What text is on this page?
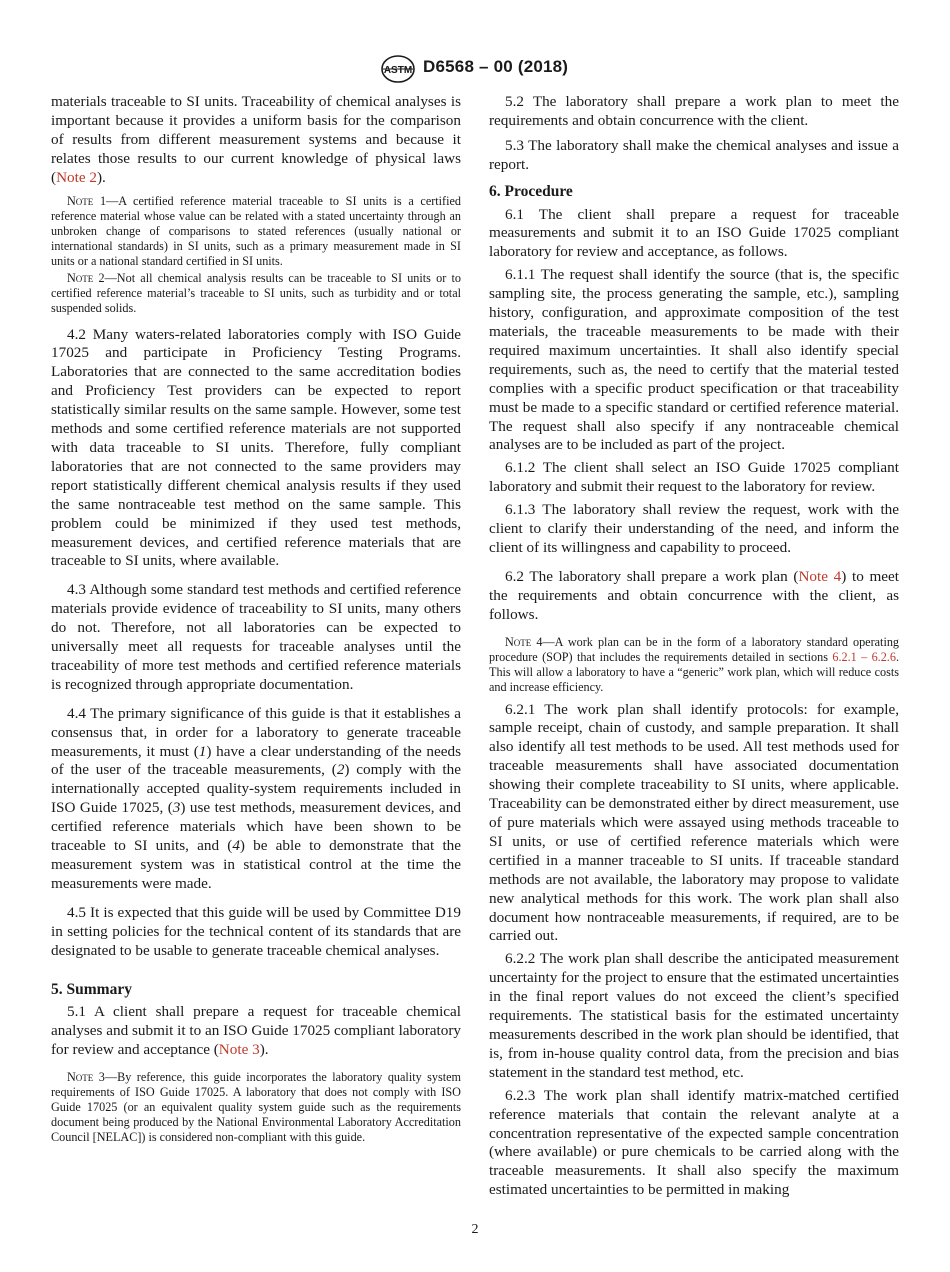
ASTM D6568 – 00 (2018)

materials traceable to SI units. Traceability of chemical analyses is important because it provides a uniform basis for the comparison of results from different measurement systems and because it relates those results to our current knowledge of physical laws (Note 2).

Note 1—A certified reference material traceable to SI units is a certified reference material whose value can be related with a stated uncertainty through an unbroken change of comparisons to stated references (usually national or international standards) in SI units, such as a primary measurement made in SI units or a national standard certified in SI units.

Note 2—Not all chemical analysis results can be traceable to SI units or to certified reference material’s traceable to SI units, such as turbidity and or total suspended solids.

4.2 Many waters-related laboratories comply with ISO Guide 17025 and participate in Proficiency Testing Programs. Laboratories that are connected to the same accreditation bodies and Proficiency Test providers can be expected to report statistically similar results on the same sample. However, some test methods and some certified reference materials are not supported with data traceable to SI units. Therefore, fully compliant laboratories that are not connected to the same providers may report statistically different chemical analysis results if they used the same nontraceable test method on the same sample. This problem could be minimized if they used test methods, measurement devices, and certified reference materials that are traceable to SI units, where available.

4.3 Although some standard test methods and certified reference materials provide evidence of traceability to SI units, many others do not. Therefore, not all laboratories can be expected to universally meet all requests for traceable analyses until the traceability of more test methods and certified reference materials is recognized through appropriate documentation.

4.4 The primary significance of this guide is that it establishes a consensus that, in order for a laboratory to generate traceable measurements, it must (1) have a clear understanding of the needs of the user of the traceable measurements, (2) comply with the internationally accepted quality-system requirements included in ISO Guide 17025, (3) use test methods, measurement devices, and certified reference materials which have been shown to be traceable to SI units, and (4) be able to demonstrate that the measurement system was in statistical control at the time the measurements were made.

4.5 It is expected that this guide will be used by Committee D19 in setting policies for the technical content of its standards that are designated to be usable to generate traceable chemical analyses.

5. Summary

5.1 A client shall prepare a request for traceable chemical analyses and submit it to an ISO Guide 17025 compliant laboratory for review and acceptance (Note 3).

Note 3—By reference, this guide incorporates the laboratory quality system requirements of ISO Guide 17025. A laboratory that does not comply with ISO Guide 17025 (or an equivalent quality system guide such as the requirements document being produced by the National Environmental Laboratory Accreditation Council [NELAC]) is considered non-compliant with this guide.

5.2 The laboratory shall prepare a work plan to meet the requirements and obtain concurrence with the client.

5.3 The laboratory shall make the chemical analyses and issue a report.

6. Procedure

6.1 The client shall prepare a request for traceable measurements and submit it to an ISO Guide 17025 compliant laboratory for review and acceptance, as follows.

6.1.1 The request shall identify the source (that is, the specific sampling site, the process generating the sample, etc.), sampling history, configuration, and approximate composition of the test materials, the traceable measurements to be made with their required maximum uncertainties. It shall also identify special requirements, such as, the need to certify that the material tested complies with a specific product specification or that traceability must be made to a specific standard or certified reference material. The request shall also specify if any nontraceable chemical analyses are to be included as part of the project.

6.1.2 The client shall select an ISO Guide 17025 compliant laboratory and submit their request to the laboratory for review.

6.1.3 The laboratory shall review the request, work with the client to clarify their understanding of the need, and inform the client of its willingness and capability to proceed.

6.2 The laboratory shall prepare a work plan (Note 4) to meet the requirements and obtain concurrence with the client, as follows.

Note 4—A work plan can be in the form of a laboratory standard operating procedure (SOP) that includes the requirements detailed in sections 6.2.1 – 6.2.6. This will allow a laboratory to have a “generic” work plan, which will reduce costs and increase efficiency.

6.2.1 The work plan shall identify protocols: for example, sample receipt, chain of custody, and sample preparation. It shall also identify all test methods to be used. All test methods used for traceable measurements shall have associated documentation showing their complete traceability to SI units, where applicable. Traceability can be demonstrated either by direct measurement, use of pure materials which were assayed using methods traceable to SI units, or use of certified reference materials which were certified in a manner traceable to SI units. If traceable standard methods are not available, the laboratory may propose to validate new analytical methods for this work. The work plan shall also document how nontraceable measurements, if required, are to be carried out.

6.2.2 The work plan shall describe the anticipated measurement uncertainty for the project to ensure that the estimated uncertainties in the final report values do not exceed the client’s specified requirements. The statistical basis for the estimated uncertainty measurements described in the work plan should be identified, that is, from in-house quality control data, from the precision and bias statement in the standard test method, etc.

6.2.3 The work plan shall identify matrix-matched certified reference materials that contain the relevant analyte at a concentration representative of the expected sample concentration (where available) or pure chemicals to be carried along with the traceable measurements. It shall also specify the maximum estimated uncertainties to be permitted in making

2
